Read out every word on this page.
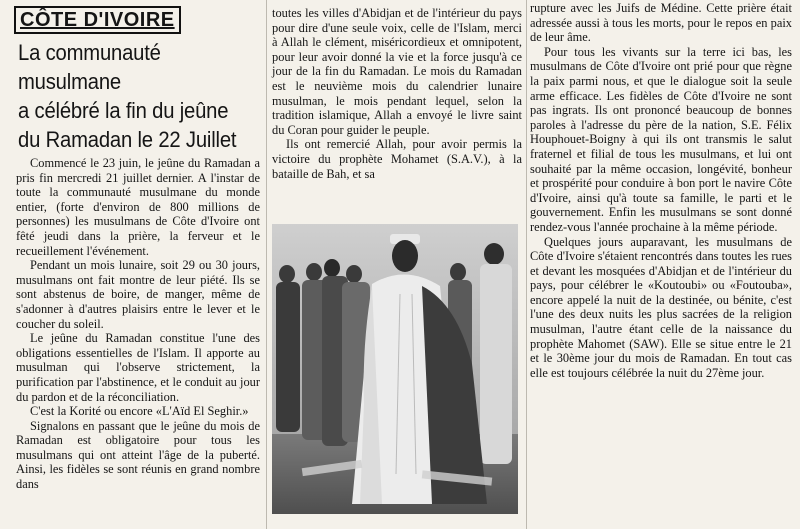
CÔTE D'IVOIRE
La communauté musulmane
a célébré la fin du jeûne
du Ramadan le 22 Juillet

Commencé le 23 juin, le jeûne du Ramadan a pris fin mercredi 21 juillet dernier. A l'instar de toute la communauté musulmane du monde entier, (forte d'environ de 800 millions de personnes) les musulmans de Côte d'Ivoire ont fêté jeudi dans la prière, la ferveur et le recueillement l'événement.

Pendant un mois lunaire, soit 29 ou 30 jours, musulmans ont fait montre de leur piété. Ils se sont abstenus de boire, de manger, même de s'adonner à d'autres plaisirs entre le lever et le coucher du soleil.

Le jeûne du Ramadan constitue l'une des obligations essentielles de l'Islam. Il apporte au musulman qui l'observe strictement, la purification par l'abstinence, et le conduit au jour du pardon et de la réconciliation.

C'est la Korité ou encore «L'Aïd El Seghir.»

Signalons en passant que le jeûne du mois de Ramadan est obligatoire pour tous les musulmans qui ont atteint l'âge de la puberté. Ainsi, les fidèles se sont réunis en grand nombre dans

toutes les villes d'Abidjan et de l'intérieur du pays pour dire d'une seule voix, celle de l'Islam, merci à Allah le clément, miséricordieux et omnipotent, pour leur avoir donné la vie et la force jusqu'à ce jour de la fin du Ramadan. Le mois du Ramadan est le neuvième mois du calendrier lunaire musulman, le mois pendant lequel, selon la tradition islamique, Allah a envoyé le livre saint du Coran pour guider le peuple.

Ils ont remercié Allah, pour avoir permis la victoire du prophète Mohamet (S.A.V.), à la bataille de Bah, et sa

rupture avec les Juifs de Médine. Cette prière était adressée aussi à tous les morts, pour le repos en paix de leur âme.

Pour tous les vivants sur la terre ici bas, les musulmans de Côte d'Ivoire ont prié pour que règne la paix parmi nous, et que le dialogue soit la seule arme efficace. Les fidèles de Côte d'Ivoire ne sont pas ingrats. Ils ont prononcé beaucoup de bonnes paroles à l'adresse du père de la nation, S.E. Félix Houphouet-Boigny à qui ils ont transmis le salut fraternel et filial de tous les musulmans, et lui ont souhaité par la même occasion, longévité, bonheur et prospérité pour conduire à bon port le navire Côte d'Ivoire, ainsi qu'à toute sa famille, le parti et le gouvernement. Enfin les musulmans se sont donné rendez-vous l'année prochaine à la même période.

Quelques jours auparavant, les musulmans de Côte d'Ivoire s'étaient rencontrés dans toutes les rues et devant les mosquées d'Abidjan et de l'intérieur du pays, pour célébrer le «Koutoubi» ou «Foutouba», encore appelé la nuit de la destinée, ou bénite, c'est l'une des deux nuits les plus sacrées de la religion musulman, l'autre étant celle de la naissance du prophète Mahomet (SAW). Elle se situe entre le 21 et le 30ème jour du mois de Ramadan. En tout cas elle est toujours célébrée la nuit du 27ème jour.
